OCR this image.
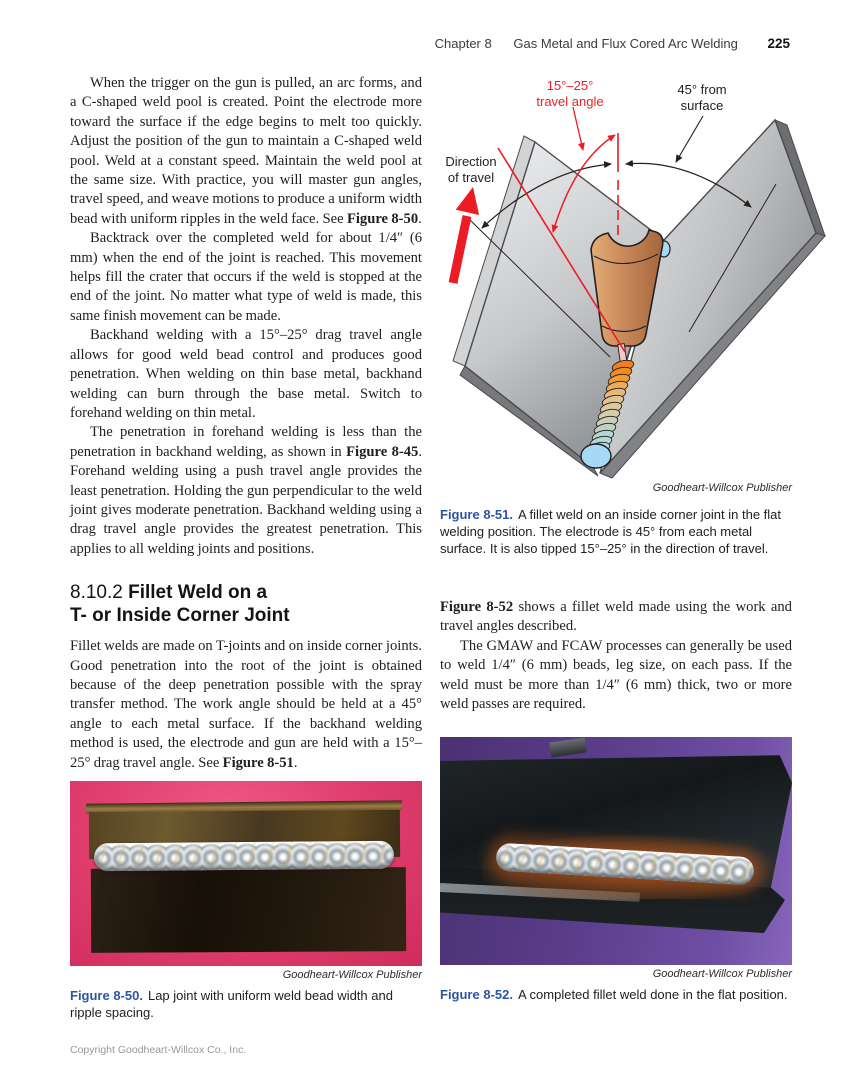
Chapter 8 Gas Metal and Flux Cored Arc Welding 225

When the trigger on the gun is pulled, an arc forms, and a C-shaped weld pool is created. Point the electrode more toward the surface if the edge begins to melt too quickly. Adjust the position of the gun to maintain a C-shaped weld pool. Weld at a constant speed. Maintain the weld pool at the same size. With practice, you will master gun angles, travel speed, and weave motions to produce a uniform width bead with uniform ripples in the weld face. See Figure 8-50.

Backtrack over the completed weld for about 1/4″ (6 mm) when the end of the joint is reached. This movement helps fill the crater that occurs if the weld is stopped at the end of the joint. No matter what type of weld is made, this same finish movement can be made.

Backhand welding with a 15°–25° drag travel angle allows for good weld bead control and produces good penetration. When welding on thin base metal, backhand welding can burn through the base metal. Switch to forehand welding on thin metal.

The penetration in forehand welding is less than the penetration in backhand welding, as shown in Figure 8-45. Forehand welding using a push travel angle provides the least penetration. Holding the gun perpendicular to the weld joint gives moderate penetration. Backhand welding using a drag travel angle provides the greatest penetration. This applies to all welding joints and positions.

8.10.2 Fillet Weld on a
T- or Inside Corner Joint

Fillet welds are made on T-joints and on inside corner joints. Good penetration into the root of the joint is obtained because of the deep penetration possible with the spray transfer method. The work angle should be held at a 45° angle to each metal surface. If the backhand welding method is used, the electrode and gun are held with a 15°–25° drag travel angle. See Figure 8-51.

15°–25°
travel angle
45° from
surface
Direction
of travel
Goodheart-Willcox Publisher

Figure 8-51. A fillet weld on an inside corner joint in the flat welding position. The electrode is 45° from each metal surface. It is also tipped 15°–25° in the direction of travel.

Figure 8-52 shows a fillet weld made using the work and travel angles described.

The GMAW and FCAW processes can generally be used to weld 1/4″ (6 mm) beads, leg size, on each pass. If the weld must be more than 1/4″ (6 mm) thick, two or more weld passes are required.

Goodheart-Willcox Publisher

Figure 8-50. Lap joint with uniform weld bead width and ripple spacing.

Goodheart-Willcox Publisher

Figure 8-52. A completed fillet weld done in the flat position.

Copyright Goodheart-Willcox Co., Inc.
